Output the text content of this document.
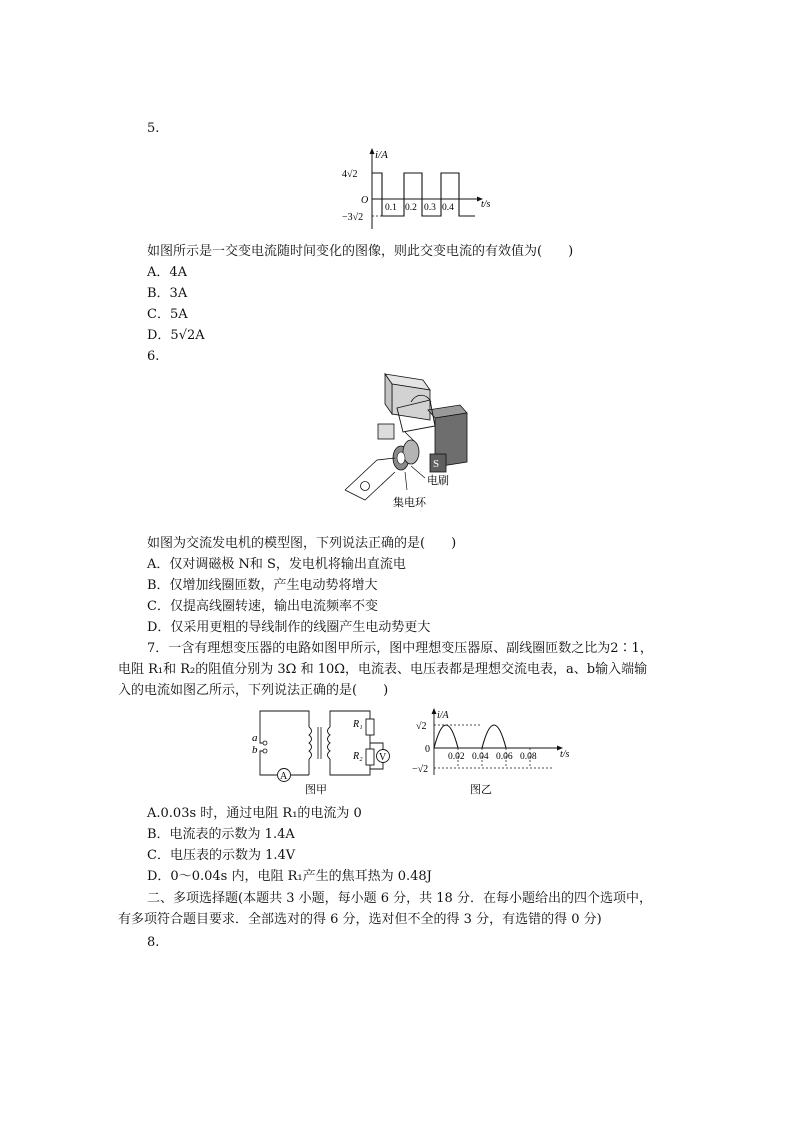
5.
i/A
t/s
O
4√2
−3√2
0.1 0.2 0.3 0.4
如图所示是一交变电流随时间变化的图像，则此交变电流的有效值为(　　)
A．4A
B．3A
C．5A
D．5√2A
6.
S
电刷
集电环
如图为交流发电机的模型图，下列说法正确的是(　　)
A．仅对调磁极 N和 S，发电机将输出直流电
B．仅增加线圈匝数，产生电动势将增大
C．仅提高线圈转速，输出电流频率不变
D．仅采用更粗的导线制作的线圈产生电动势更大
7．一含有理想变压器的电路如图甲所示，图中理想变压器原、副线圈匝数之比为2∶1，
电阻 R₁和 R₂的阻值分别为 3Ω 和 10Ω，电流表、电压表都是理想交流电表，a、b输入端输
入的电流如图乙所示，下列说法正确的是(　　)
A
a
b
R₁
R₂ V
图甲
i/A
t/s
0
√2
−√2
0.02 0.04 0.06 0.08
图乙
A.0.03s 时，通过电阻 R₁的电流为 0
B．电流表的示数为 1.4A
C．电压表的示数为 1.4V
D．0～0.04s 内，电阻 R₁产生的焦耳热为 0.48J
二、多项选择题(本题共 3 小题，每小题 6 分，共 18 分．在每小题给出的四个选项中，
有多项符合题目要求．全部选对的得 6 分，选对但不全的得 3 分，有选错的得 0 分)
8.
